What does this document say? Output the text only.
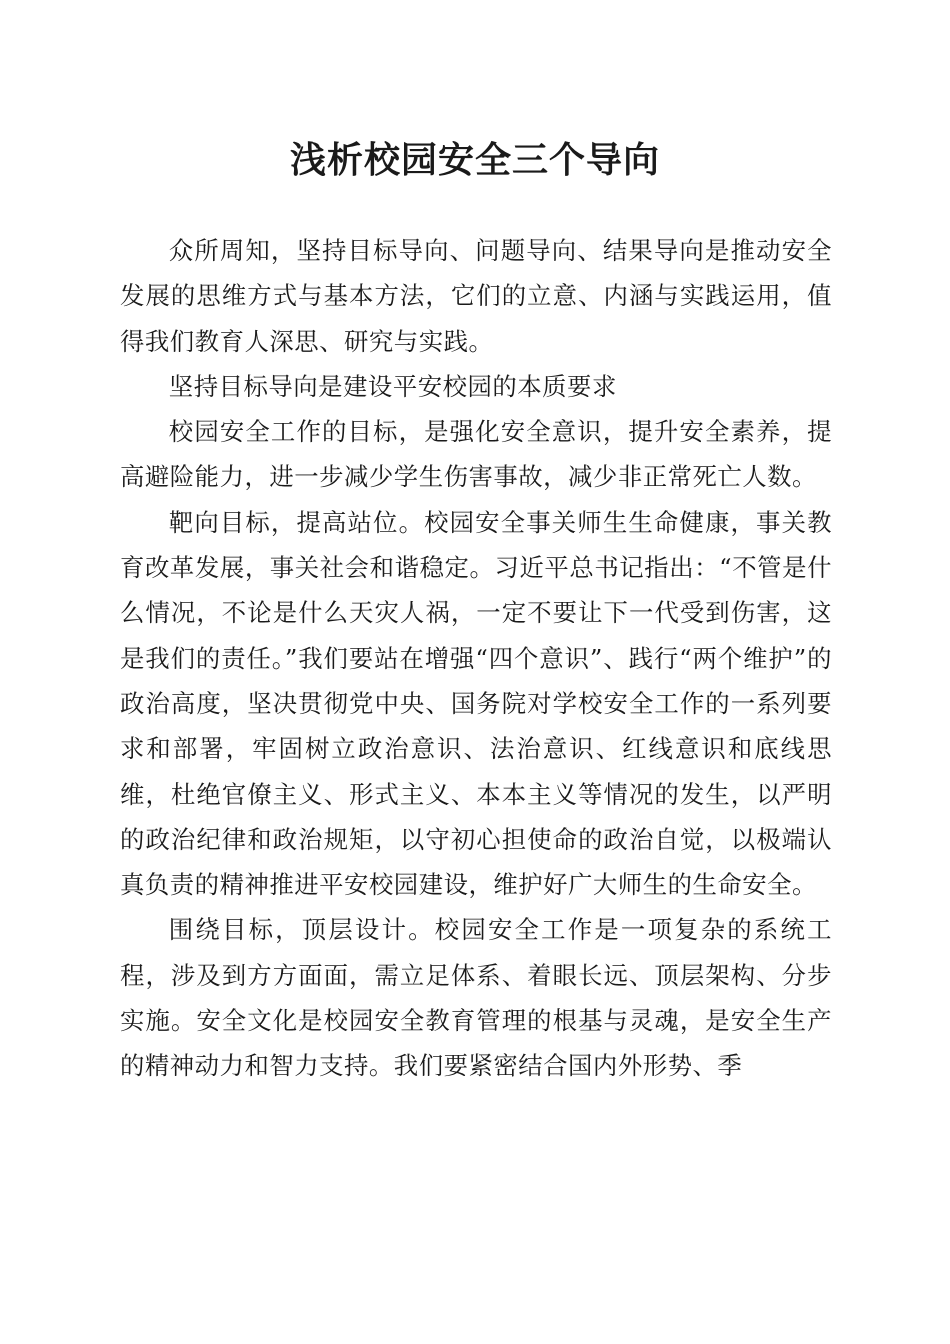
浅析校园安全三个导向

众所周知，坚持目标导向、问题导向、结果导向是推动安全发展的思维方式与基本方法，它们的立意、内涵与实践运用，值得我们教育人深思、研究与实践。

坚持目标导向是建设平安校园的本质要求

校园安全工作的目标，是强化安全意识，提升安全素养，提高避险能力，进一步减少学生伤害事故，减少非正常死亡人数。

靶向目标，提高站位。校园安全事关师生生命健康，事关教育改革发展，事关社会和谐稳定。习近平总书记指出：“不管是什么情况，不论是什么天灾人祸，一定不要让下一代受到伤害，这是我们的责任。”我们要站在增强“四个意识”、践行“两个维护”的政治高度，坚决贯彻党中央、国务院对学校安全工作的一系列要求和部署，牢固树立政治意识、法治意识、红线意识和底线思维，杜绝官僚主义、形式主义、本本主义等情况的发生，以严明的政治纪律和政治规矩，以守初心担使命的政治自觉，以极端认真负责的精神推进平安校园建设，维护好广大师生的生命安全。

围绕目标，顶层设计。校园安全工作是一项复杂的系统工程，涉及到方方面面，需立足体系、着眼长远、顶层架构、分步实施。安全文化是校园安全教育管理的根基与灵魂，是安全生产的精神动力和智力支持。我们要紧密结合国内外形势、季
